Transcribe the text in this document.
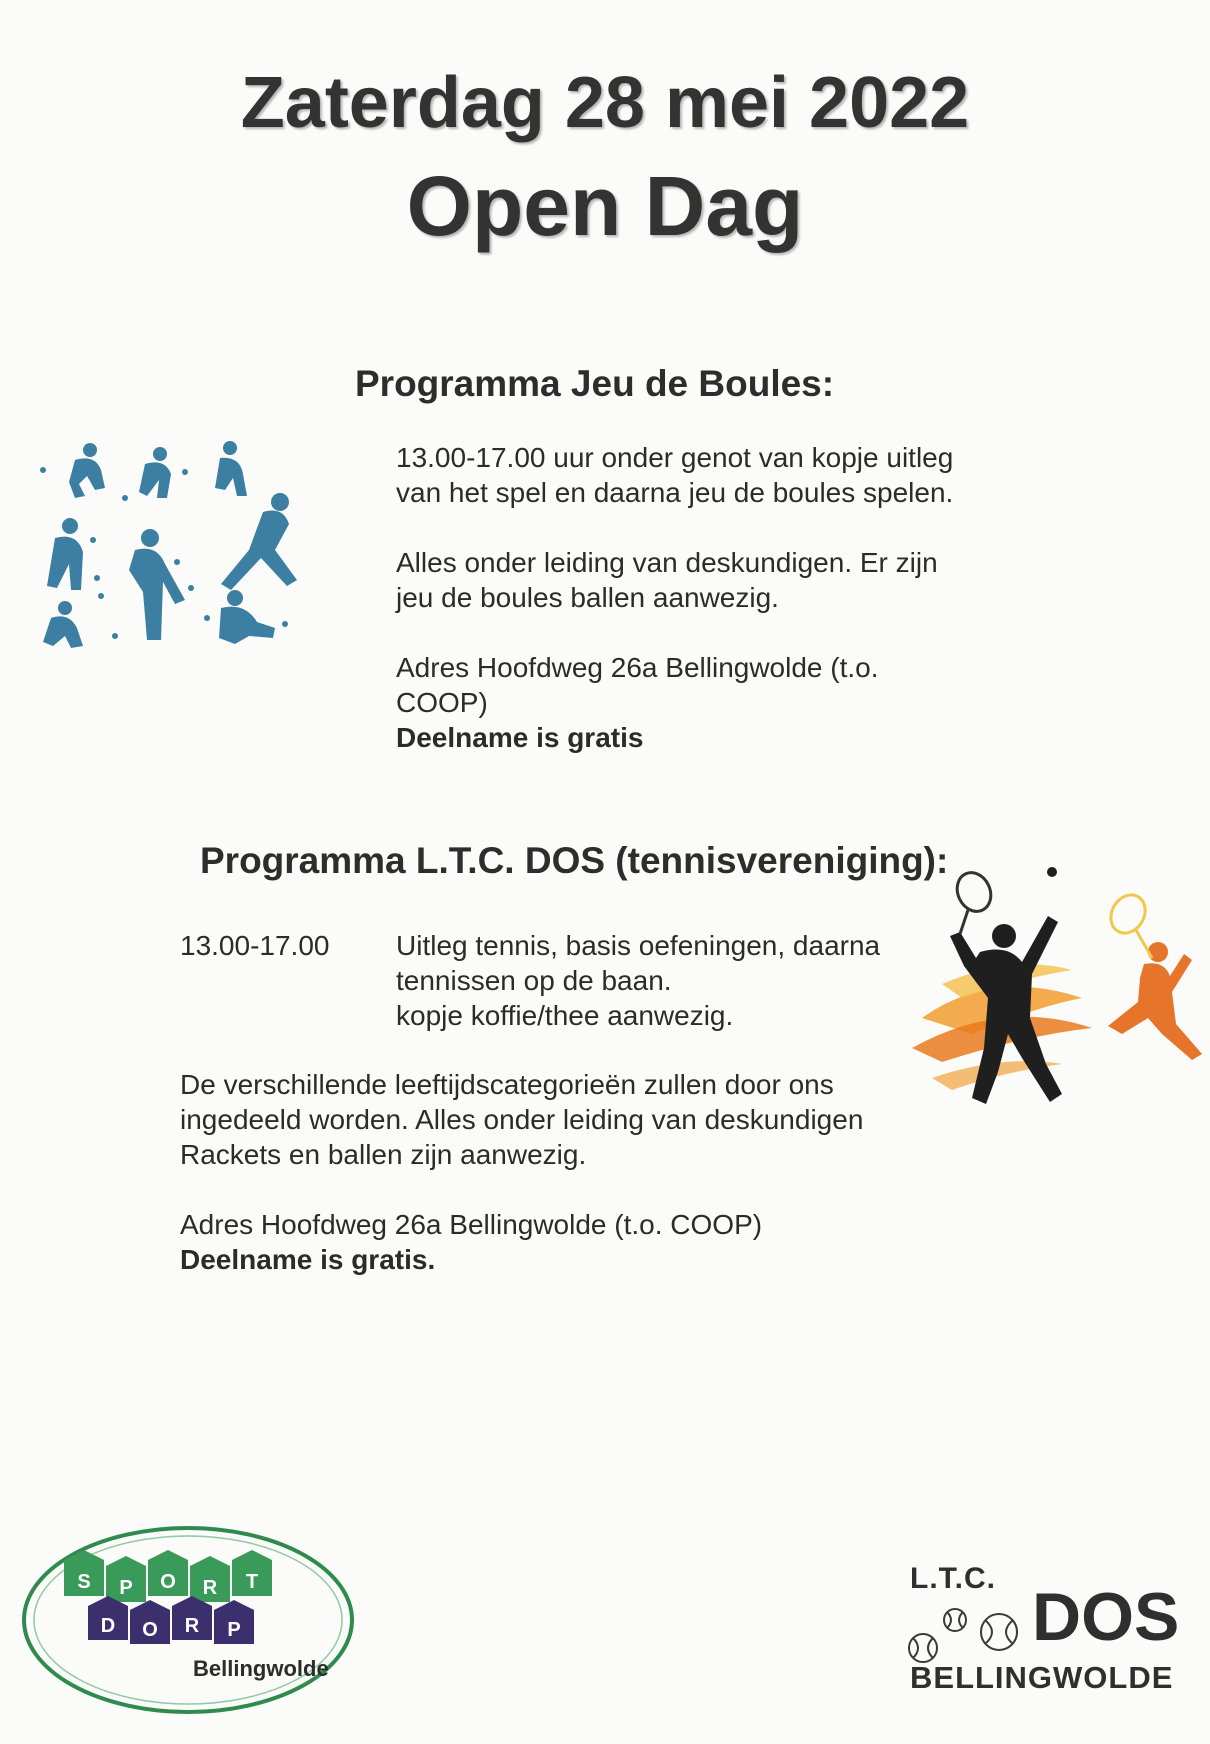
Zaterdag 28 mei 2022
Open Dag
Programma Jeu de Boules:
13.00-17.00 uur onder genot van kopje uitleg
van het spel en daarna jeu de boules spelen.
Alles onder leiding van deskundigen. Er zijn
jeu de boules ballen aanwezig.
Adres Hoofdweg 26a Bellingwolde (t.o.
COOP)
Deelname is gratis
Programma L.T.C. DOS (tennisvereniging):
13.00-17.00 Uitleg tennis, basis oefeningen, daarna
tennissen op de baan.
kopje koffie/thee aanwezig.
De verschillende leeftijdscategorieën zullen door ons
ingedeeld worden. Alles onder leiding van deskundigen
Rackets en ballen zijn aanwezig.
Adres Hoofdweg 26a Bellingwolde (t.o. COOP)
Deelname is gratis.
S P O R T
D O R P
Bellingwolde
L.T.C.
DOS
BELLINGWOLDE
